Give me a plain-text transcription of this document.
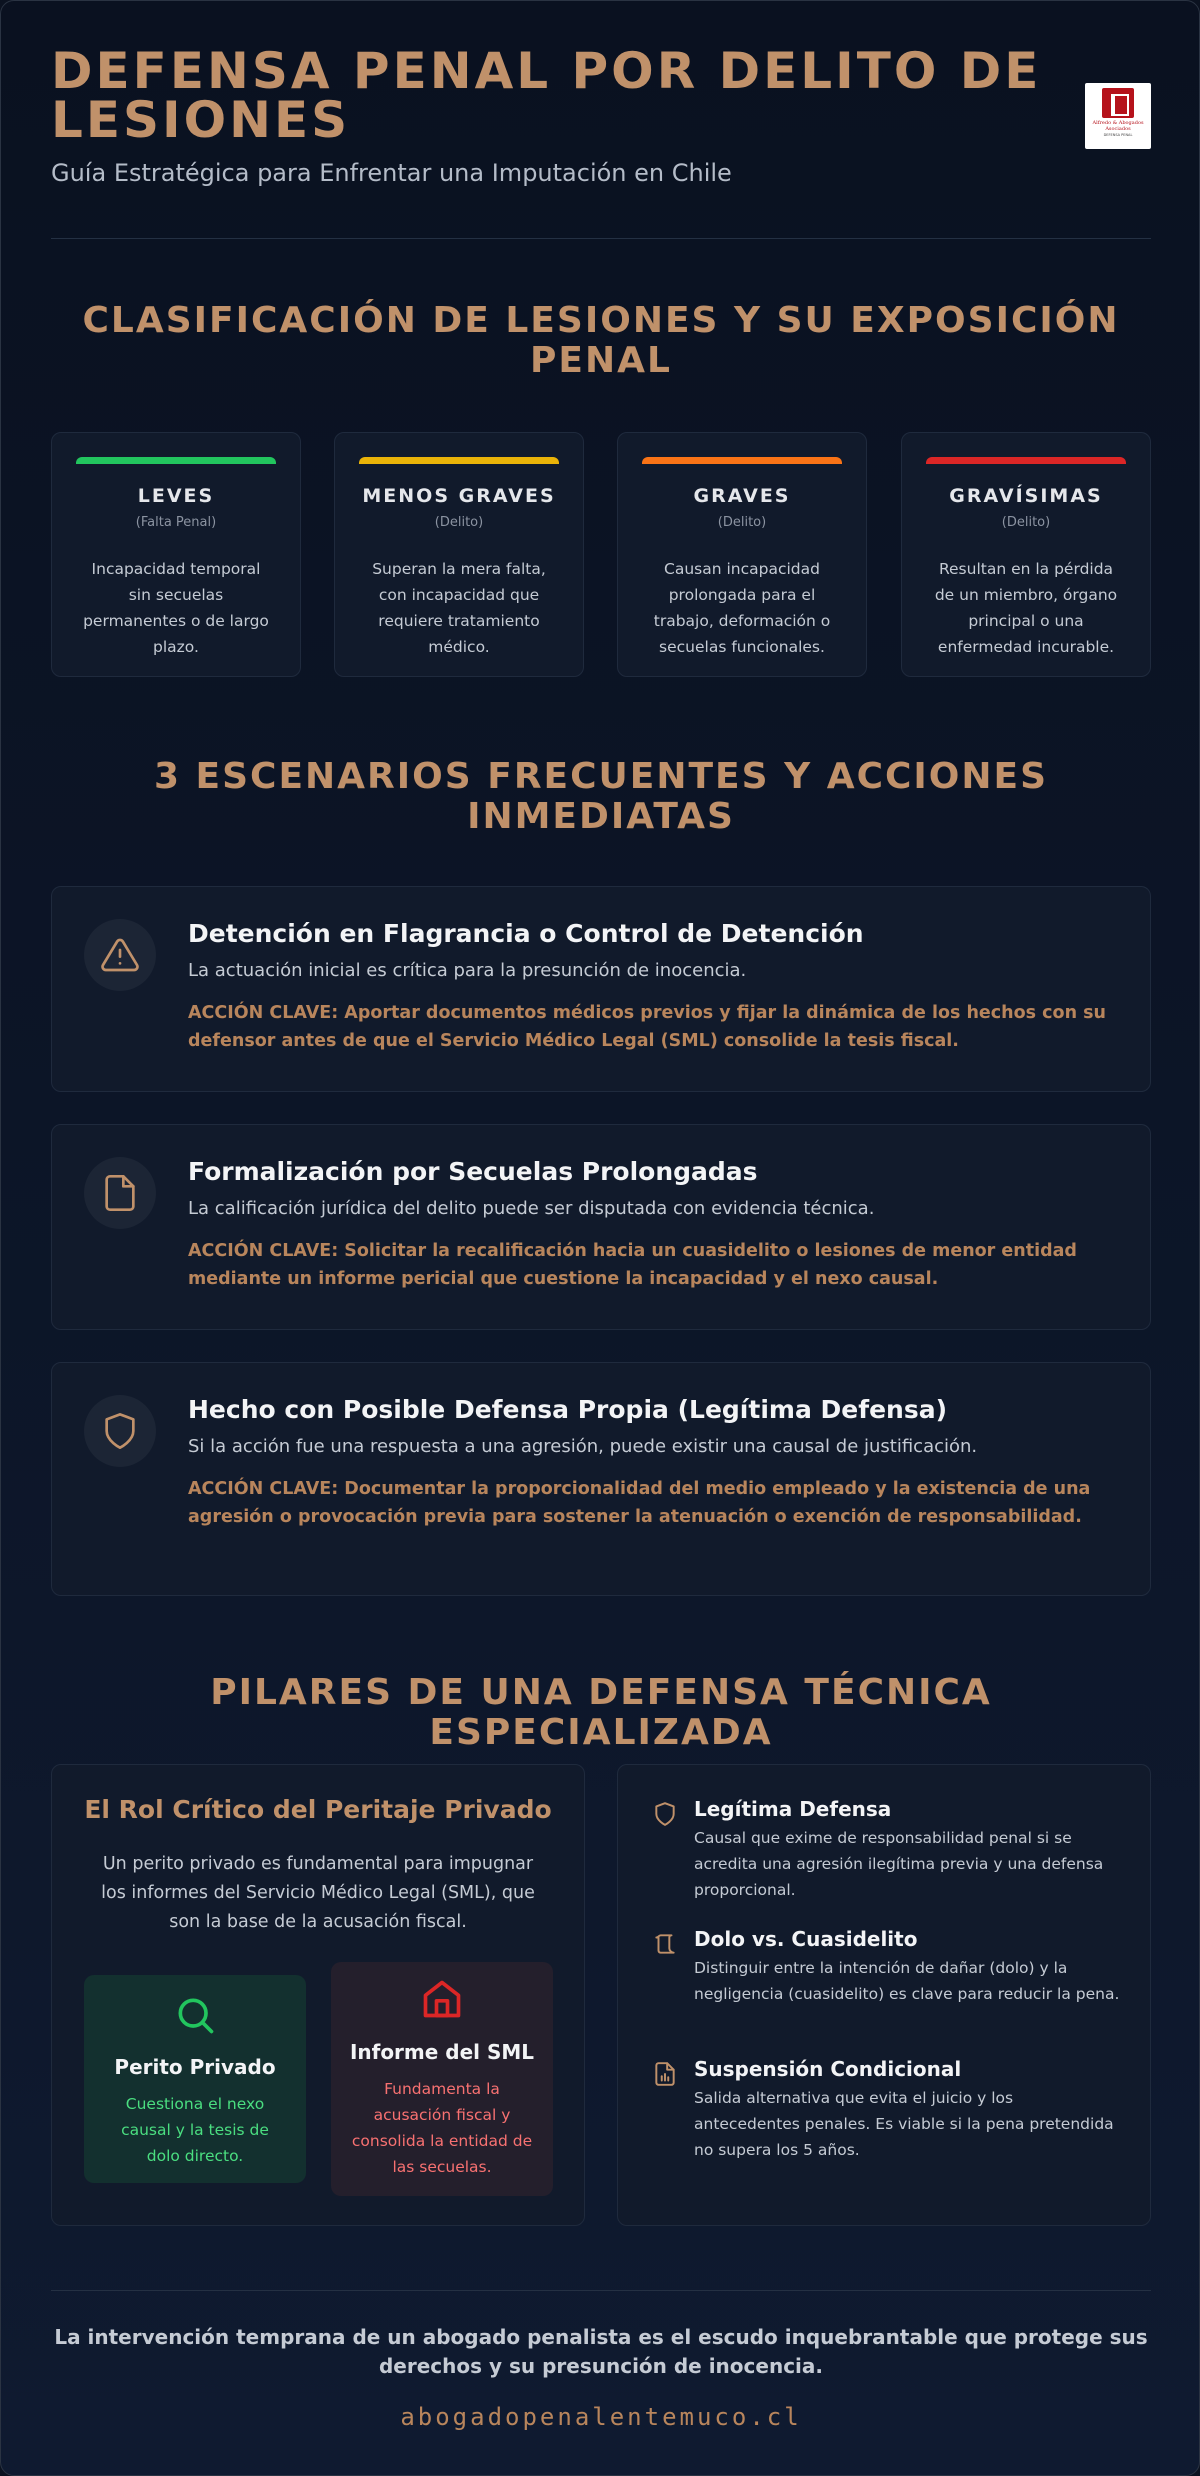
DEFENSA PENAL POR DELITO DE LESIONES
Guía Estratégica para Enfrentar una Imputación en Chile
Alfredo & Abogados
Asociados
DEFENSA PENAL
CLASIFICACIÓN DE LESIONES Y SU EXPOSICIÓN PENAL
LEVES
(Falta Penal)
Incapacidad temporal sin secuelas permanentes o de largo plazo.
MENOS GRAVES
(Delito)
Superan la mera falta, con incapacidad que requiere tratamiento médico.
GRAVES
(Delito)
Causan incapacidad prolongada para el trabajo, deformación o secuelas funcionales.
GRAVÍSIMAS
(Delito)
Resultan en la pérdida de un miembro, órgano principal o una enfermedad incurable.
3 ESCENARIOS FRECUENTES Y ACCIONES INMEDIATAS
Detención en Flagrancia o Control de Detención
La actuación inicial es crítica para la presunción de inocencia.
ACCIÓN CLAVE: Aportar documentos médicos previos y fijar la dinámica de los hechos con su defensor antes de que el Servicio Médico Legal (SML) consolide la tesis fiscal.
Formalización por Secuelas Prolongadas
La calificación jurídica del delito puede ser disputada con evidencia técnica.
ACCIÓN CLAVE: Solicitar la recalificación hacia un cuasidelito o lesiones de menor entidad mediante un informe pericial que cuestione la incapacidad y el nexo causal.
Hecho con Posible Defensa Propia (Legítima Defensa)
Si la acción fue una respuesta a una agresión, puede existir una causal de justificación.
ACCIÓN CLAVE: Documentar la proporcionalidad del medio empleado y la existencia de una agresión o provocación previa para sostener la atenuación o exención de responsabilidad.
PILARES DE UNA DEFENSA TÉCNICA ESPECIALIZADA
El Rol Crítico del Peritaje Privado
Un perito privado es fundamental para impugnar los informes del Servicio Médico Legal (SML), que son la base de la acusación fiscal.
Perito Privado
Cuestiona el nexo causal y la tesis de dolo directo.
Informe del SML
Fundamenta la acusación fiscal y consolida la entidad de las secuelas.
Legítima Defensa
Causal que exime de responsabilidad penal si se acredita una agresión ilegítima previa y una defensa proporcional.
Dolo vs. Cuasidelito
Distinguir entre la intención de dañar (dolo) y la negligencia (cuasidelito) es clave para reducir la pena.
Suspensión Condicional
Salida alternativa que evita el juicio y los antecedentes penales. Es viable si la pena pretendida no supera los 5 años.
La intervención temprana de un abogado penalista es el escudo inquebrantable que protege sus derechos y su presunción de inocencia.
abogadopenalentemuco.cl
